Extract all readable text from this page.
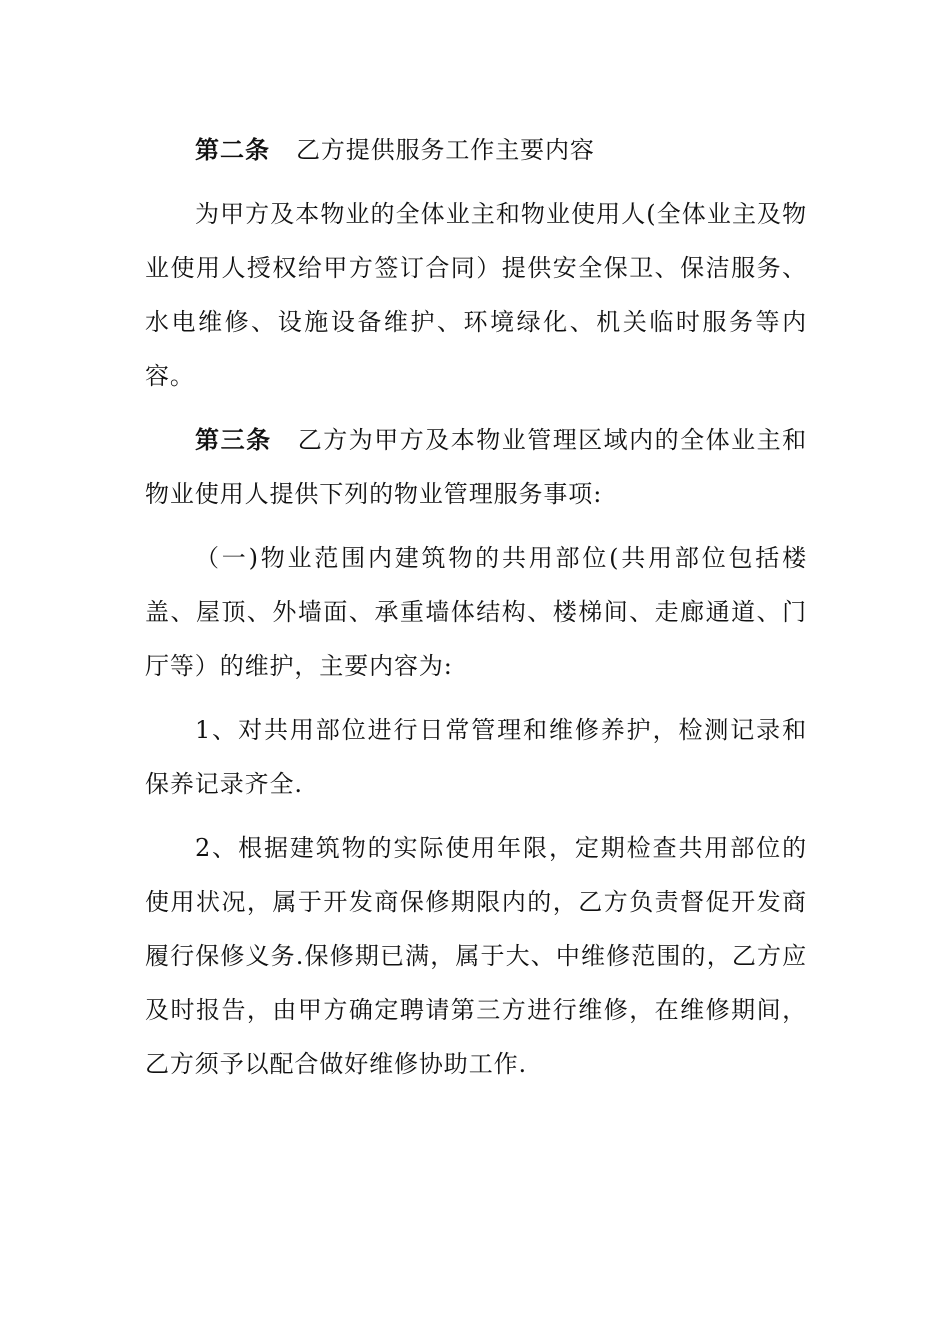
第二条 乙方提供服务工作主要内容

为甲方及本物业的全体业主和物业使用人(全体业主及物业使用人授权给甲方签订合同）提供安全保卫、保洁服务、水电维修、设施设备维护、环境绿化、机关临时服务等内容。

第三条 乙方为甲方及本物业管理区域内的全体业主和物业使用人提供下列的物业管理服务事项:

（一)物业范围内建筑物的共用部位(共用部位包括楼盖、屋顶、外墙面、承重墙体结构、楼梯间、走廊通道、门厅等）的维护，主要内容为:

1、对共用部位进行日常管理和维修养护，检测记录和保养记录齐全.

2、根据建筑物的实际使用年限，定期检查共用部位的使用状况，属于开发商保修期限内的，乙方负责督促开发商履行保修义务.保修期已满，属于大、中维修范围的，乙方应及时报告，由甲方确定聘请第三方进行维修，在维修期间，乙方须予以配合做好维修协助工作.
